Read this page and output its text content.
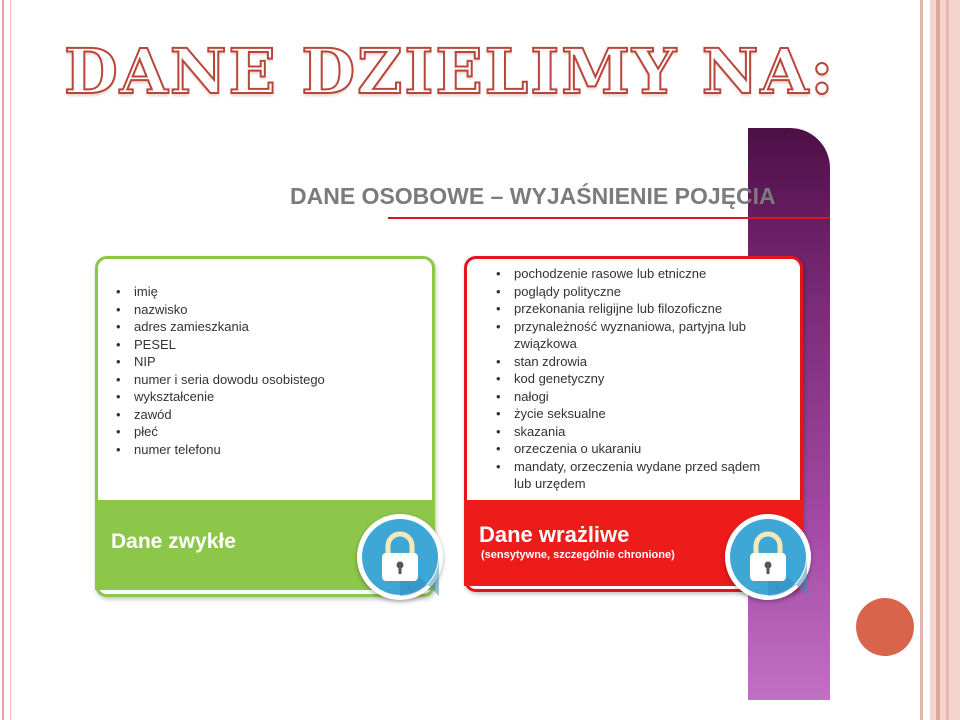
DANE DZIELIMY NA:
DANE OSOBOWE – WYJAŚNIENIE POJĘCIA
• imię
• nazwisko
• adres zamieszkania
• PESEL
• NIP
• numer i seria dowodu osobistego
• wykształcenie
• zawód
• płeć
• numer telefonu

Dane zwykłe

• pochodzenie rasowe lub etniczne
• poglądy polityczne
• przekonania religijne lub filozoficzne
• przynależność wyznaniowa, partyjna lub związkowa
• stan zdrowia
• kod genetyczny
• nałogi
• życie seksualne
• skazania
• orzeczenia o ukaraniu
• mandaty, orzeczenia wydane przed sądem lub urzędem

Dane wrażliwe

(sensytywne, szczególnie chronione)
